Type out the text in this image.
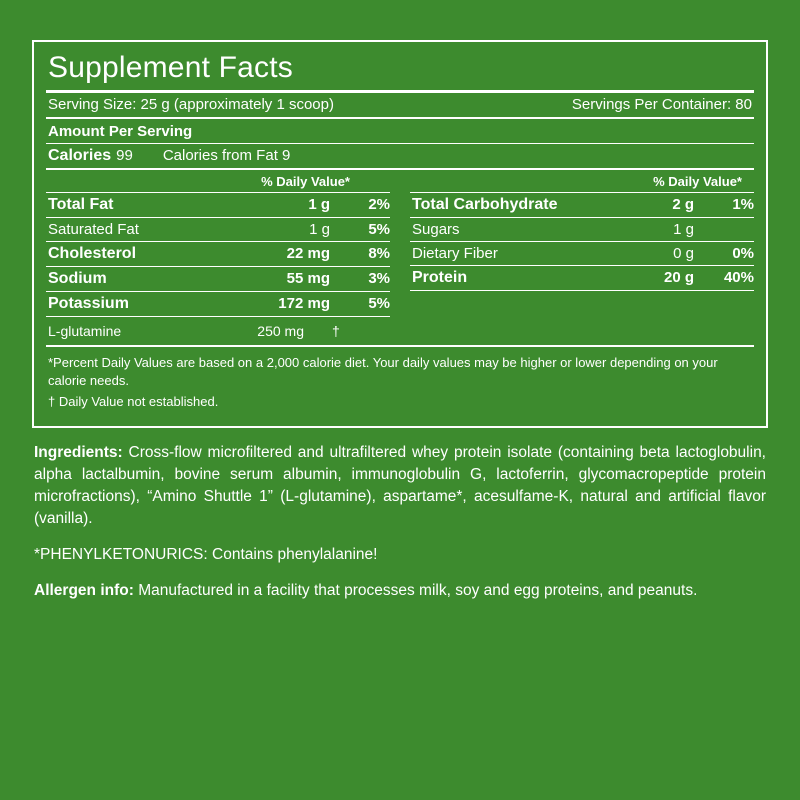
Supplement Facts
Serving Size: 25 g (approximately 1 scoop)	Servings Per Container: 80
Amount Per Serving
Calories 99 Calories from Fat 9
% Daily Value*	% Daily Value*
Total Fat	1 g	2%
Saturated Fat	1 g	5%
Cholesterol	22 mg	8%
Sodium	55 mg	3%
Potassium	172 mg	5%
Total Carbohydrate	2 g	1%
Sugars	1 g
Dietary Fiber	0 g	0%
Protein	20 g	40%
L-glutamine	250 mg	†

*Percent Daily Values are based on a 2,000 calorie diet. Your daily values may be higher or lower depending on your calorie needs.

† Daily Value not established.

Ingredients: Cross-flow microfiltered and ultrafiltered whey protein isolate (containing beta lactoglobulin, alpha lactalbumin, bovine serum albumin, immunoglobulin G, lactoferrin, glycomacropeptide protein microfractions), “Amino Shuttle 1” (L-glutamine), aspartame*, acesulfame-K, natural and artificial flavor (vanilla).

*PHENYLKETONURICS: Contains phenylalanine!

Allergen info: Manufactured in a facility that processes milk, soy and egg proteins, and peanuts.
